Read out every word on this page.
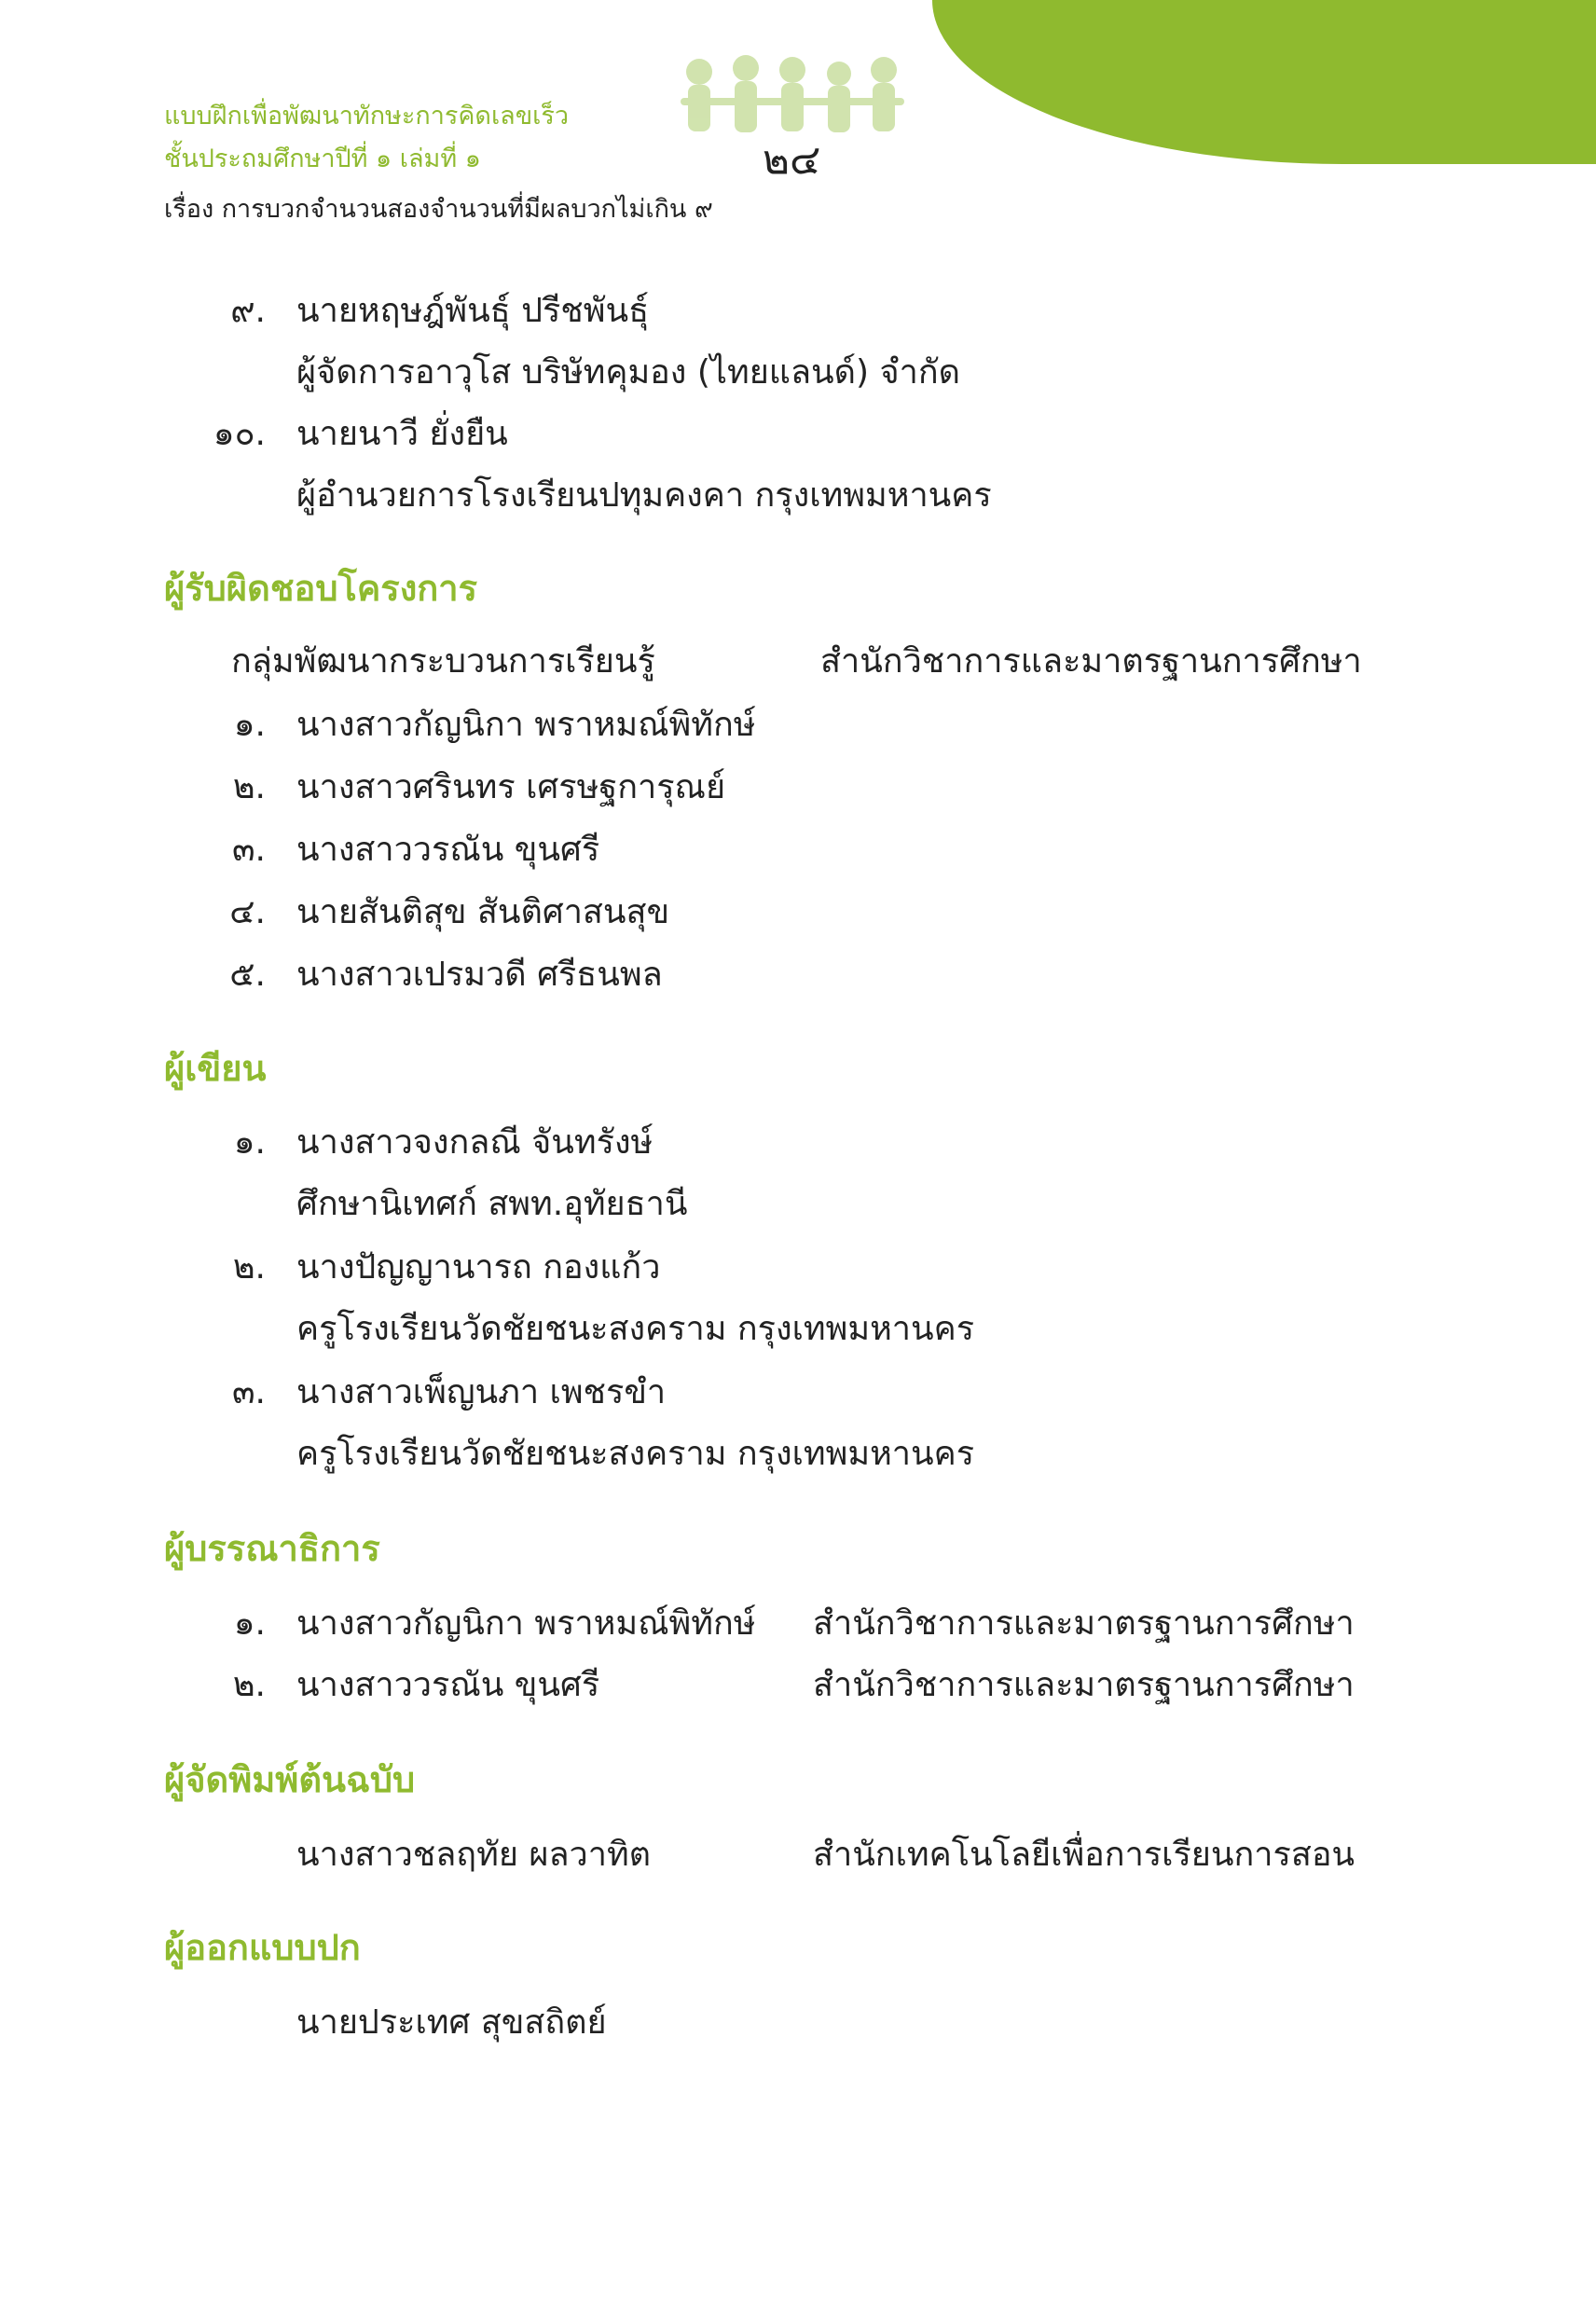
แบบฝึกเพื่อพัฒนาทักษะการคิดเลขเร็ว
ชั้นประถมศึกษาปีที่ ๑ เล่มที่ ๑
เรื่อง การบวกจำนวนสองจำนวนที่มีผลบวกไม่เกิน ๙
๒๔
๙. นายหฤษฎ์พันธุ์ ปรีชพันธุ์
ผู้จัดการอาวุโส บริษัทคุมอง (ไทยแลนด์) จำกัด
๑๐. นายนาวี ยั่งยืน
ผู้อำนวยการโรงเรียนปทุมคงคา กรุงเทพมหานคร
ผู้รับผิดชอบโครงการ
กลุ่มพัฒนากระบวนการเรียนรู้	สำนักวิชาการและมาตรฐานการศึกษา
๑. นางสาวกัญนิกา พราหมณ์พิทักษ์
๒. นางสาวศรินทร เศรษฐการุณย์
๓. นางสาววรณัน ขุนศรี
๔. นายสันติสุข สันติศาสนสุข
๕. นางสาวเปรมวดี ศรีธนพล
ผู้เขียน
๑. นางสาวจงกลณี จันทรังษ์
ศึกษานิเทศก์ สพท.อุทัยธานี
๒. นางปัญญานารถ กองแก้ว
ครูโรงเรียนวัดชัยชนะสงคราม กรุงเทพมหานคร
๓. นางสาวเพ็ญนภา เพชรขำ
ครูโรงเรียนวัดชัยชนะสงคราม กรุงเทพมหานคร
ผู้บรรณาธิการ
๑. นางสาวกัญนิกา พราหมณ์พิทักษ์ สำนักวิชาการและมาตรฐานการศึกษา
๒. นางสาววรณัน ขุนศรี	สำนักวิชาการและมาตรฐานการศึกษา
ผู้จัดพิมพ์ต้นฉบับ
นางสาวชลฤทัย ผลวาทิต	สำนักเทคโนโลยีเพื่อการเรียนการสอน
ผู้ออกแบบปก
นายประเทศ สุขสถิตย์
